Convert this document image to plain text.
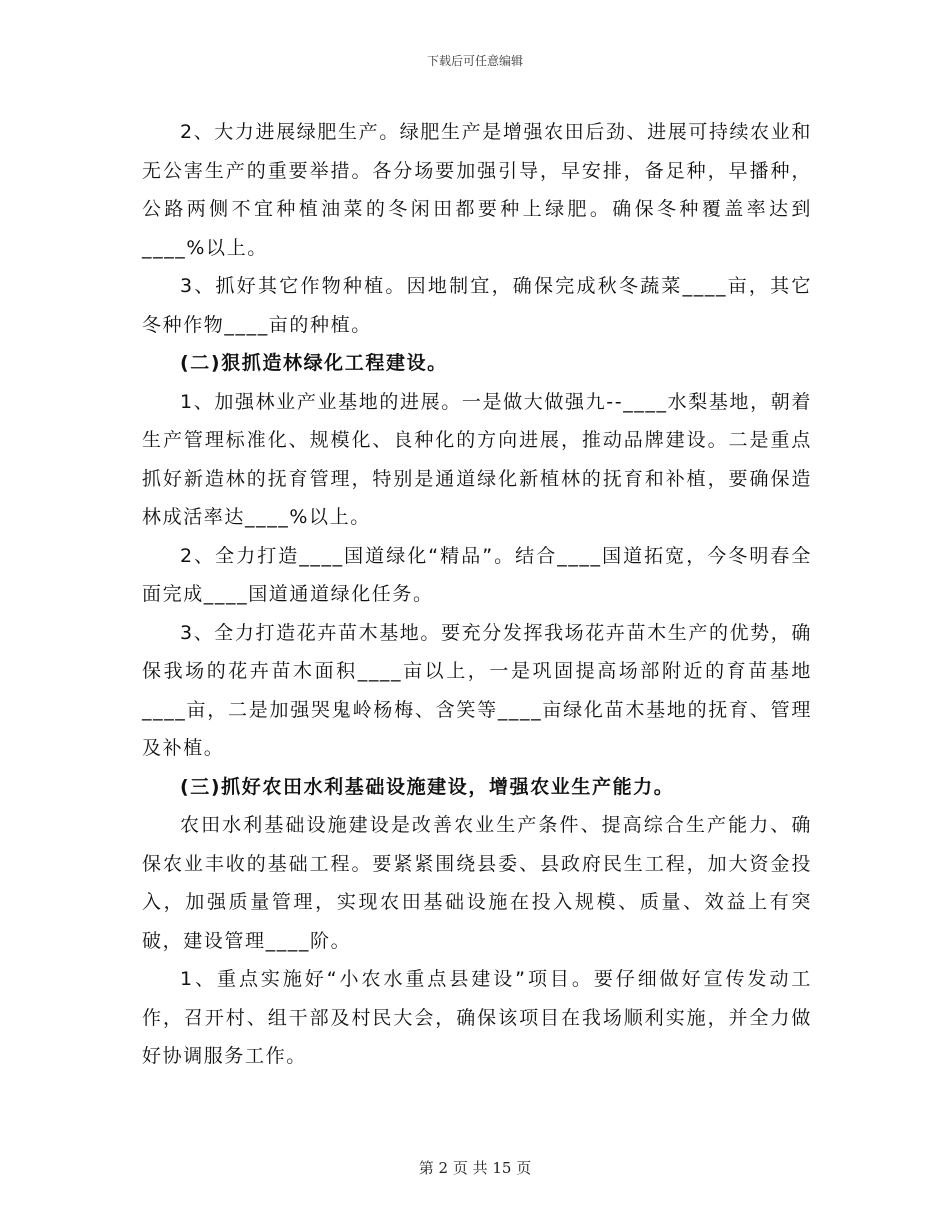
下载后可任意编辑

2、大力进展绿肥生产。绿肥生产是增强农田后劲、进展可持续农业和无公害生产的重要举措。各分场要加强引导，早安排，备足种，早播种，公路两侧不宜种植油菜的冬闲田都要种上绿肥。确保冬种覆盖率达到____%以上。

3、抓好其它作物种植。因地制宜，确保完成秋冬蔬菜____亩，其它冬种作物____亩的种植。

(二)狠抓造林绿化工程建设。

1、加强林业产业基地的进展。一是做大做强九--____水梨基地，朝着生产管理标准化、规模化、良种化的方向进展，推动品牌建设。二是重点抓好新造林的抚育管理，特别是通道绿化新植林的抚育和补植，要确保造林成活率达____%以上。

2、全力打造____国道绿化“精品”。结合____国道拓宽，今冬明春全面完成____国道通道绿化任务。

3、全力打造花卉苗木基地。要充分发挥我场花卉苗木生产的优势，确保我场的花卉苗木面积____亩以上，一是巩固提高场部附近的育苗基地____亩，二是加强哭鬼岭杨梅、含笑等____亩绿化苗木基地的抚育、管理及补植。

(三)抓好农田水利基础设施建设，增强农业生产能力。

农田水利基础设施建设是改善农业生产条件、提高综合生产能力、确保农业丰收的基础工程。要紧紧围绕县委、县政府民生工程，加大资金投入，加强质量管理，实现农田基础设施在投入规模、质量、效益上有突破，建设管理____阶。

1、重点实施好“小农水重点县建设”项目。要仔细做好宣传发动工作，召开村、组干部及村民大会，确保该项目在我场顺利实施，并全力做好协调服务工作。

第 2 页 共 15 页
